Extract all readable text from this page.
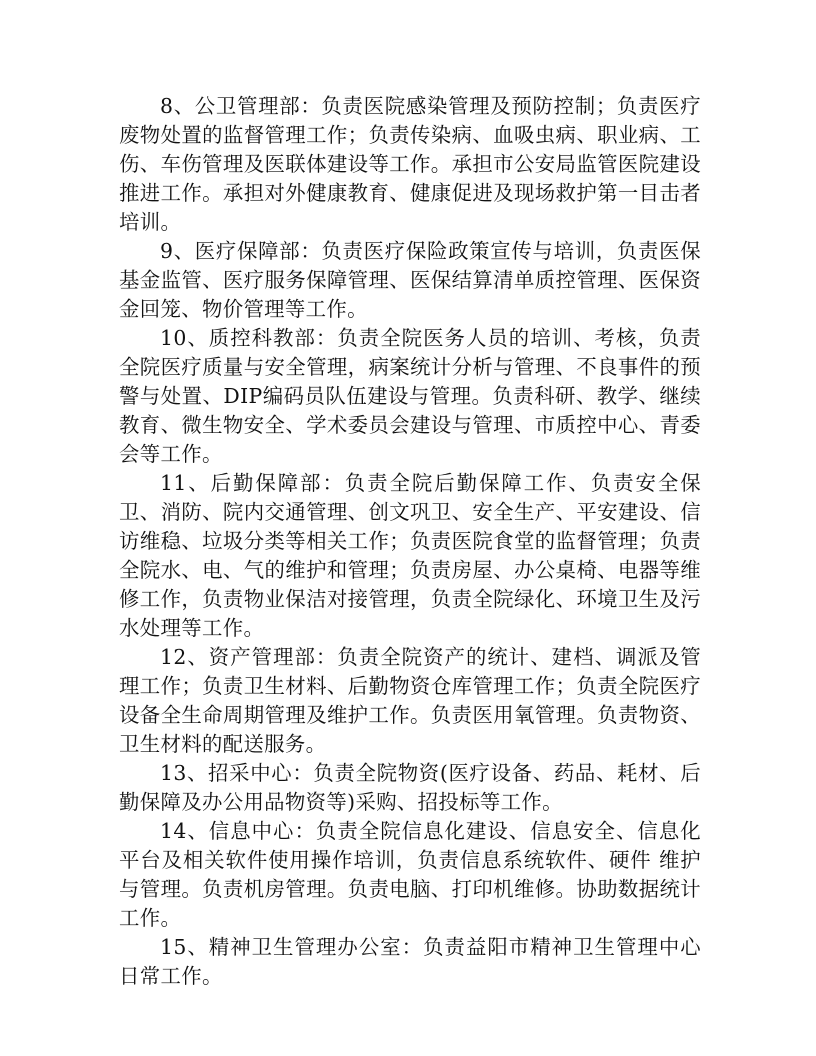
8、公卫管理部：负责医院感染管理及预防控制；负责医疗废物处置的监督管理工作；负责传染病、血吸虫病、职业病、工伤、车伤管理及医联体建设等工作。承担市公安局监管医院建设推进工作。承担对外健康教育、健康促进及现场救护第一目击者培训。

9、医疗保障部：负责医疗保险政策宣传与培训，负责医保基金监管、医疗服务保障管理、医保结算清单质控管理、医保资金回笼、物价管理等工作。

10、质控科教部：负责全院医务人员的培训、考核，负责全院医疗质量与安全管理，病案统计分析与管理、不良事件的预警与处置、DIP编码员队伍建设与管理。负责科研、教学、继续教育、微生物安全、学术委员会建设与管理、市质控中心、青委会等工作。

11、后勤保障部：负责全院后勤保障工作、负责安全保卫、消防、院内交通管理、创文巩卫、安全生产、平安建设、信访维稳、垃圾分类等相关工作；负责医院食堂的监督管理；负责全院水、电、气的维护和管理；负责房屋、办公桌椅、电器等维修工作，负责物业保洁对接管理，负责全院绿化、环境卫生及污水处理等工作。

12、资产管理部：负责全院资产的统计、建档、调派及管理工作；负责卫生材料、后勤物资仓库管理工作；负责全院医疗设备全生命周期管理及维护工作。负责医用氧管理。负责物资、卫生材料的配送服务。

13、招采中心：负责全院物资(医疗设备、药品、耗材、后勤保障及办公用品物资等)采购、招投标等工作。

14、信息中心：负责全院信息化建设、信息安全、信息化平台及相关软件使用操作培训，负责信息系统软件、硬件 维护与管理。负责机房管理。负责电脑、打印机维修。协助数据统计工作。

15、精神卫生管理办公室：负责益阳市精神卫生管理中心日常工作。
